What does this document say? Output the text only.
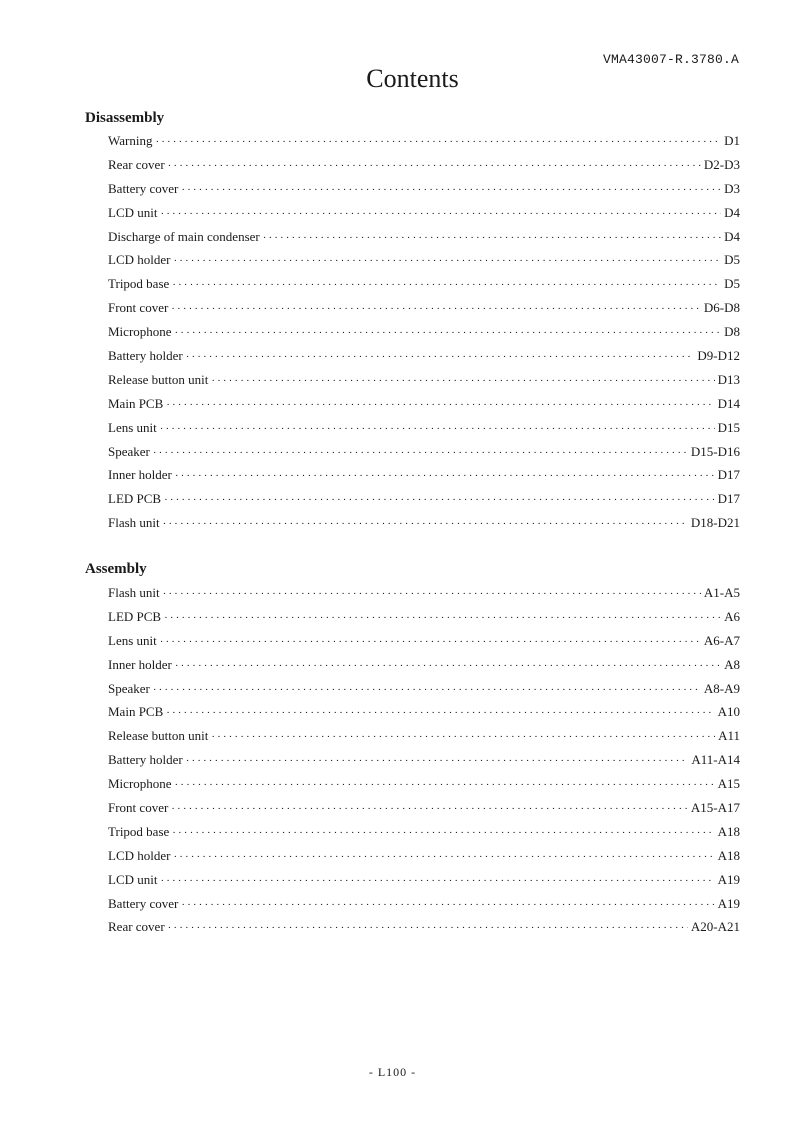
VMA43007-R.3780.A
Contents
Disassembly
Warning ·····	D1
Rear cover ·····	D2-D3
Battery cover ·····	D3
LCD unit ·····	D4
Discharge of main condenser ·····	D4
LCD holder ·····	D5
Tripod base ·····	D5
Front cover ·····	D6-D8
Microphone ·····	D8
Battery holder ·····	D9-D12
Release button unit ·····	D13
Main PCB ·····	D14
Lens unit ·····	D15
Speaker ·····	D15-D16
Inner holder ·····	D17
LED PCB ·····	D17
Flash unit ·····	D18-D21
Assembly
Flash unit ·····	A1-A5
LED PCB ·····	A6
Lens unit ·····	A6-A7
Inner holder ·····	A8
Speaker ·····	A8-A9
Main PCB ·····	A10
Release button unit ·····	A11
Battery holder ·····	A11-A14
Microphone ·····	A15
Front cover ·····	A15-A17
Tripod base ·····	A18
LCD holder ·····	A18
LCD unit ·····	A19
Battery cover ·····	A19
Rear cover ·····	A20-A21
- L100 -
